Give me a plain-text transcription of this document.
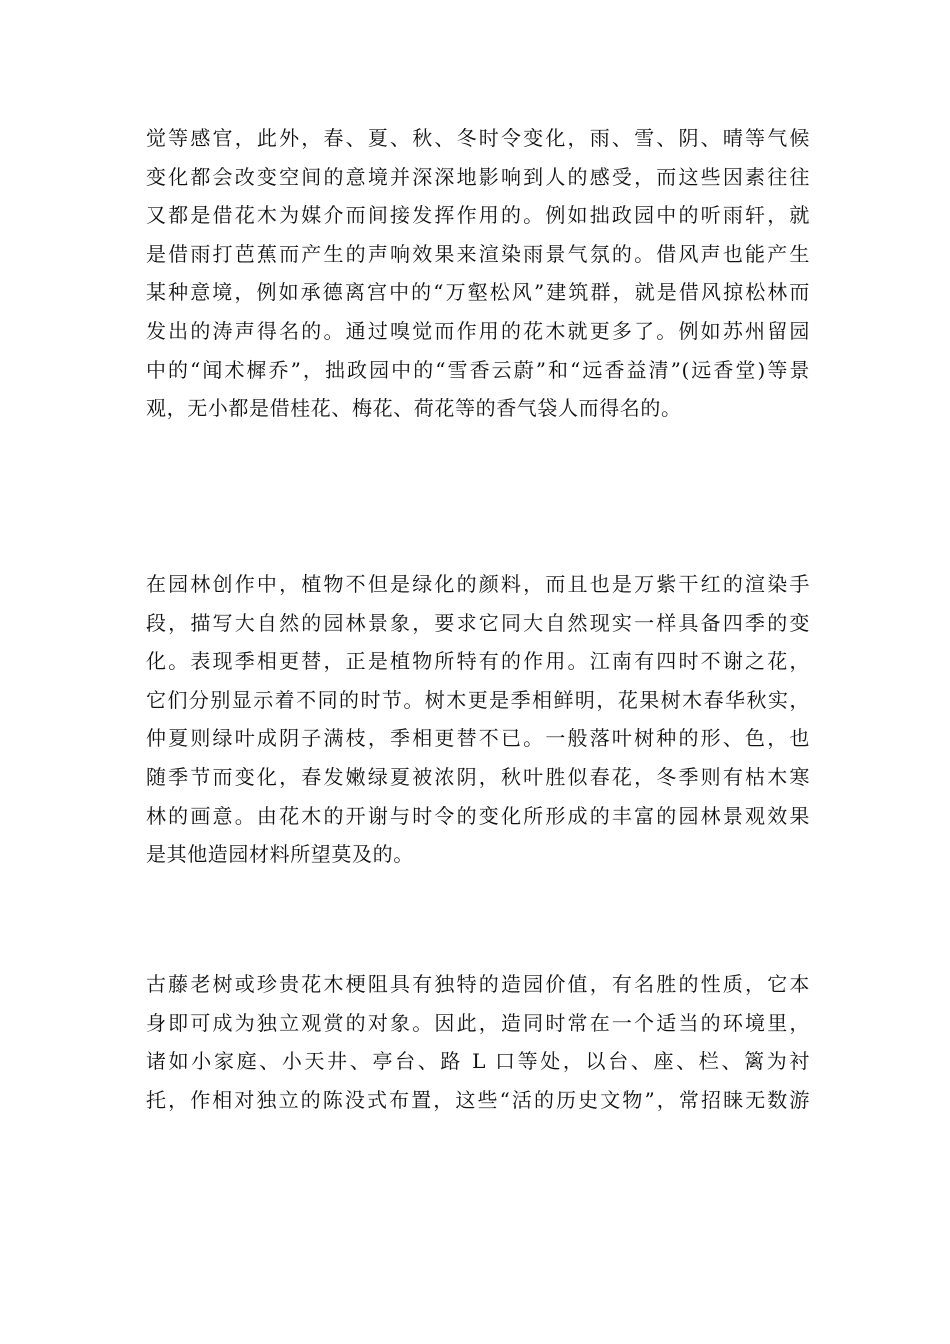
觉等感官，此外，春、夏、秋、冬时令变化，雨、雪、阴、晴等气候
变化都会改变空间的意境并深深地影响到人的感受，而这些因素往往
又都是借花木为媒介而间接发挥作用的。例如拙政园中的听雨轩，就
是借雨打芭蕉而产生的声响效果来渲染雨景气氛的。借风声也能产生
某种意境，例如承德离宫中的“万壑松风”建筑群，就是借风掠松林而
发出的涛声得名的。通过嗅觉而作用的花木就更多了。例如苏州留园
中的“闻术樨乔”，拙政园中的“雪香云蔚”和“远香益清”(远香堂)等景
观，无小都是借桂花、梅花、荷花等的香气袋人而得名的。

在园林创作中，植物不但是绿化的颜料，而且也是万紫干红的渲染手
段，描写大自然的园林景象，要求它同大自然现实一样具备四季的变
化。表现季相更替，正是植物所特有的作用。江南有四时不谢之花，
它们分别显示着不同的时节。树木更是季相鲜明，花果树木春华秋实，
仲夏则绿叶成阴子满枝，季相更替不已。一般落叶树种的形、色，也
随季节而变化，春发嫩绿夏被浓阴，秋叶胜似春花，冬季则有枯木寒
林的画意。由花木的开谢与时令的变化所形成的丰富的园林景观效果
是其他造园材料所望莫及的。

古藤老树或珍贵花木梗阻具有独特的造园价值，有名胜的性质，它本
身即可成为独立观赏的对象。因此，造同时常在一个适当的环境里，
诸如小家庭、小天井、亭台、路 L 口等处，以台、座、栏、篱为衬
托，作相对独立的陈没式布置，这些“活的历史文物”，常招睐无数游
